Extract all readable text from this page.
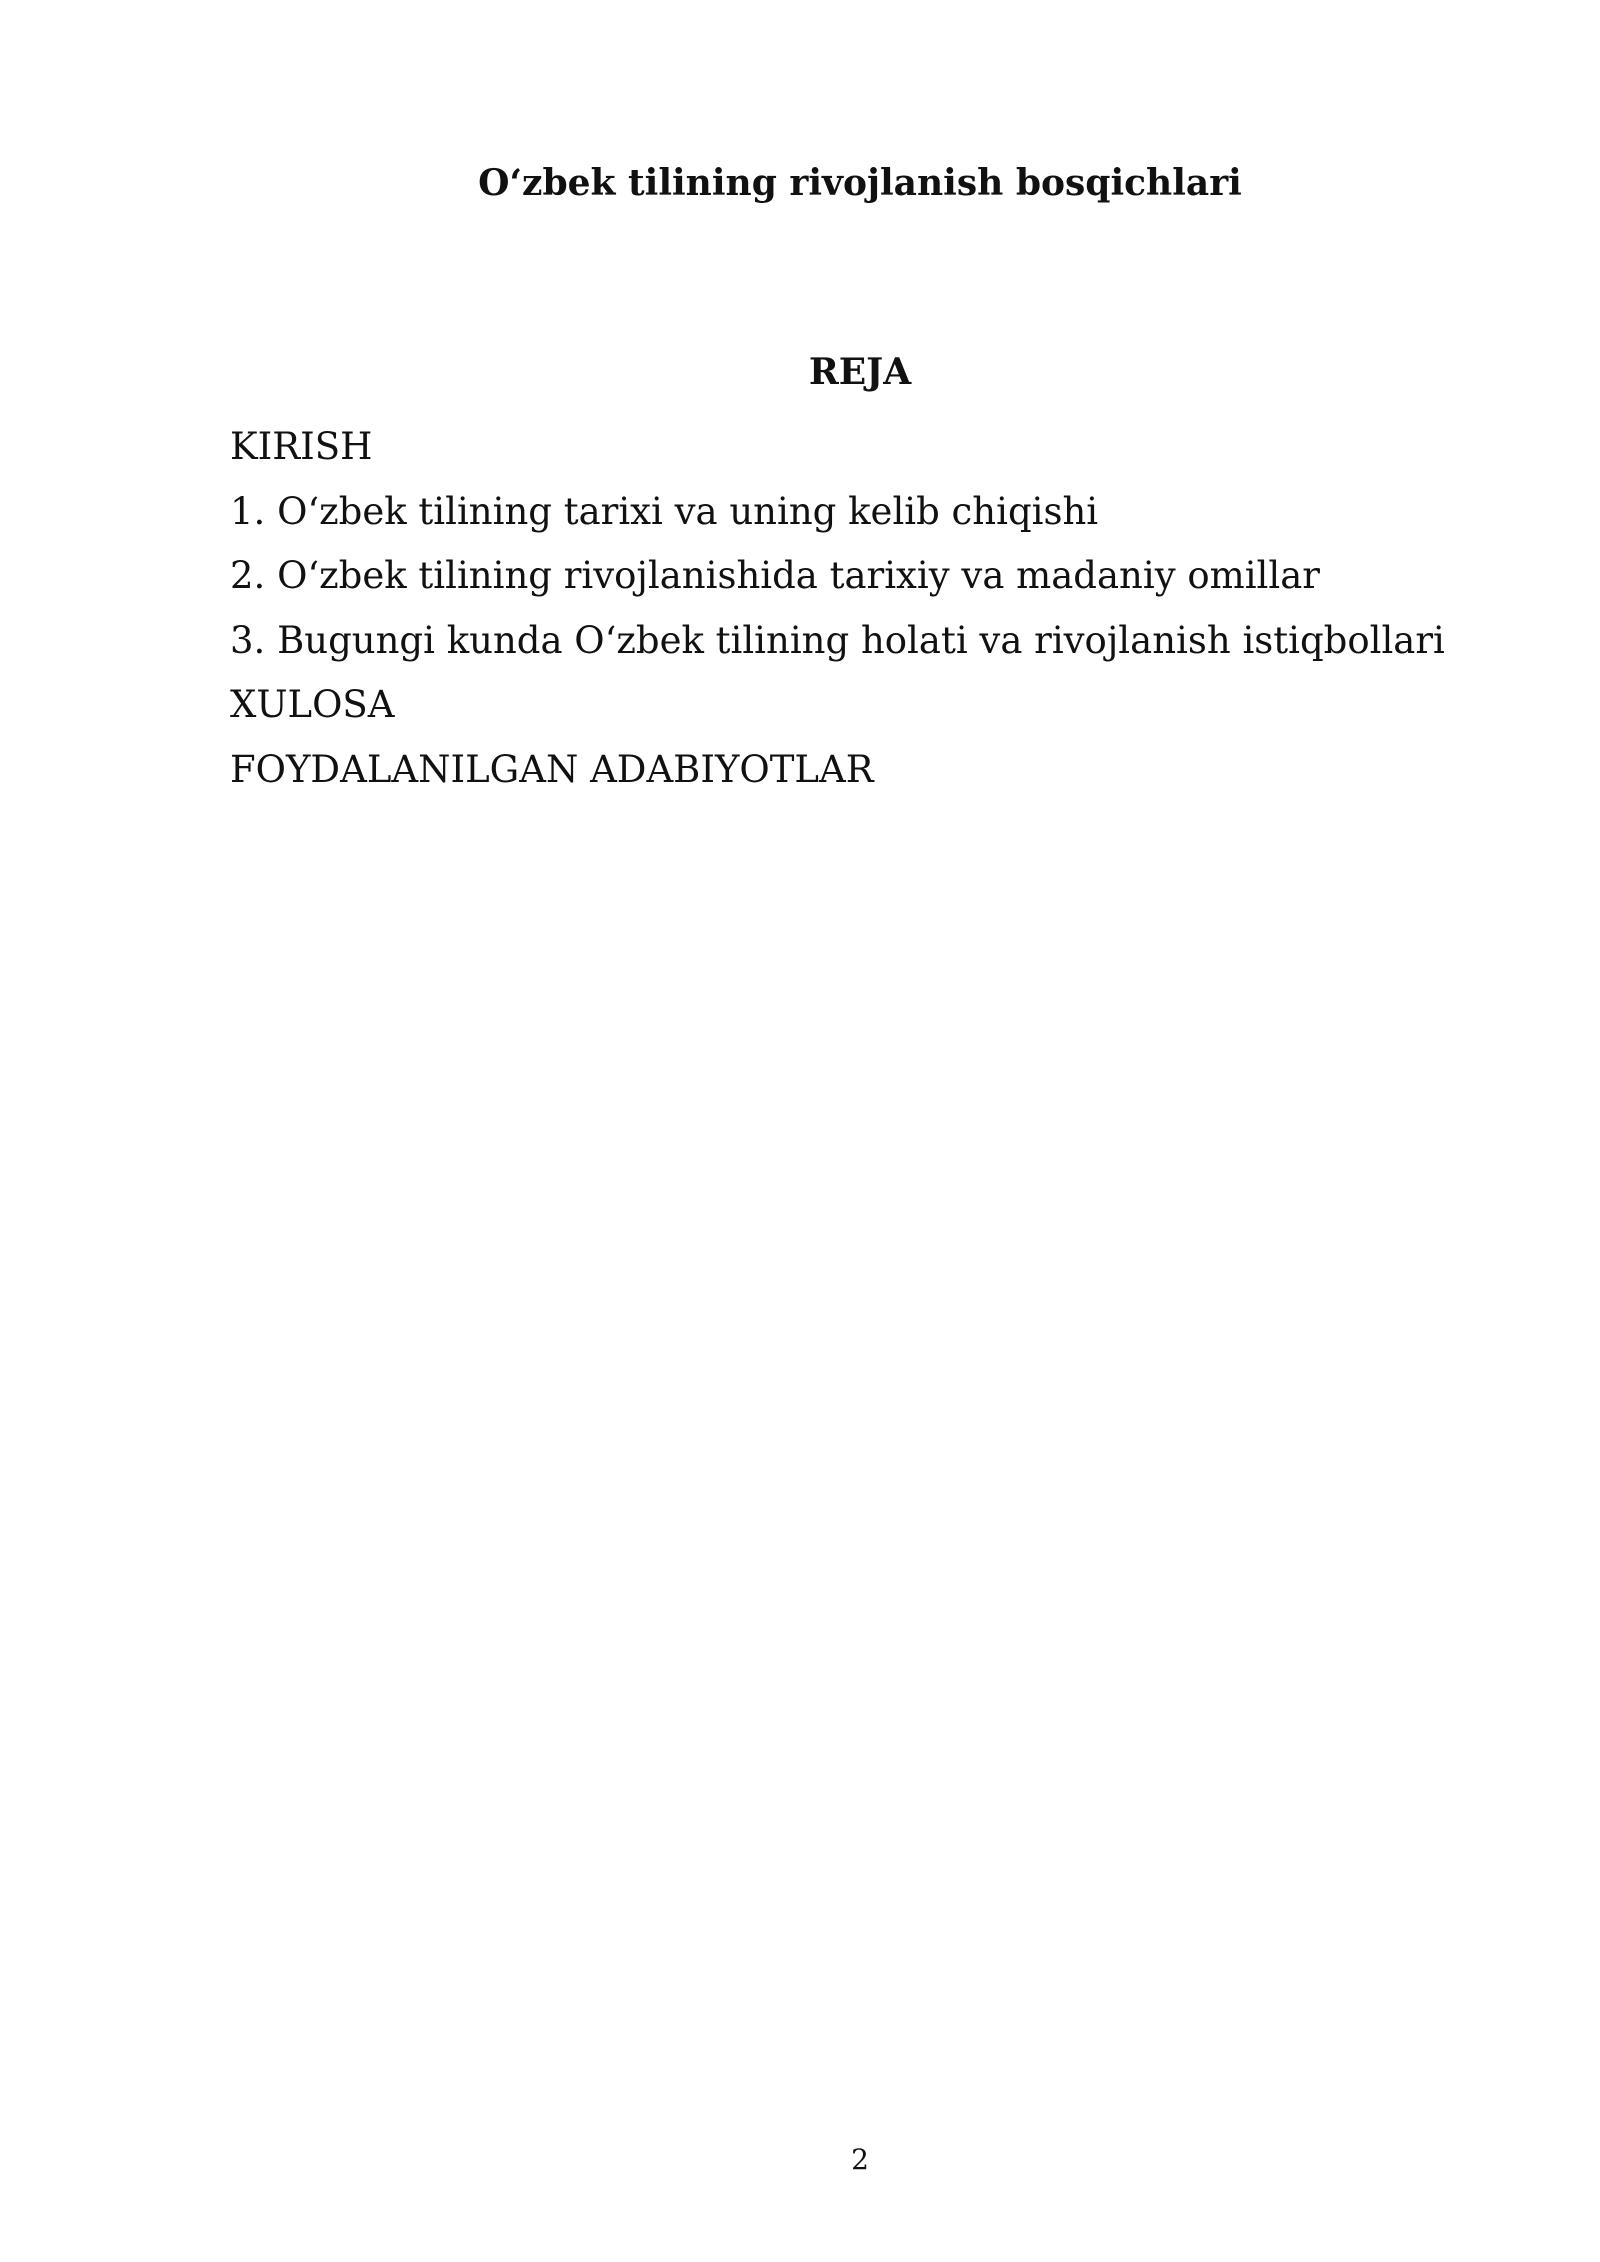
O‘zbek tilining rivojlanish bosqichlari
REJA
KIRISH
1. O‘zbek tilining tarixi va uning kelib chiqishi
2. O‘zbek tilining rivojlanishida tarixiy va madaniy omillar
3. Bugungi kunda O‘zbek tilining holati va rivojlanish istiqbollari
XULOSA
FOYDALANILGAN ADABIYOTLAR
2
